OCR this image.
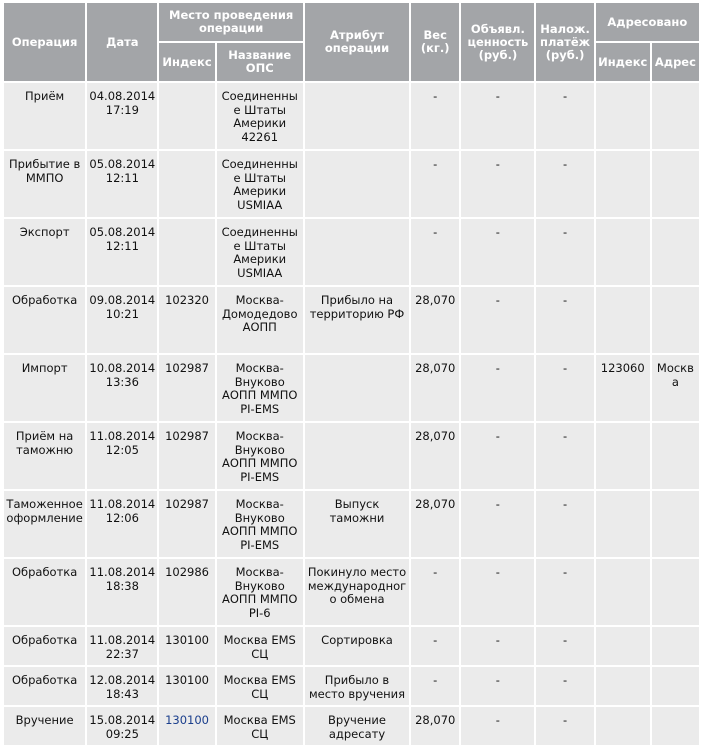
Операция	Дата	Место проведения операции		Атрибут операции	Вес (кг.)	Объявл. ценность (руб.)	Налож. платёж (руб.)	Адресовано	
		Индекс	Название ОПС					Индекс	Адрес
Приём	04.08.2014 17:19		Соединенные Штаты Америки 42261		-	-	-		
Прибытие в ММПО	05.08.2014 12:11		Соединенные Штаты Америки USMIAA		-	-	-		
Экспорт	05.08.2014 12:11		Соединенные Штаты Америки USMIAA		-	-	-		
Обработка	09.08.2014 10:21	102320	Москва-Домодедово АОПП	Прибыло на территорию РФ	28,070	-	-		
Импорт	10.08.2014 13:36	102987	Москва-Внуково АОПП ММПО PI-EMS		28,070	-	-	123060	Москва
Приём на таможню	11.08.2014 12:05	102987	Москва-Внуково АОПП ММПО PI-EMS		28,070	-	-		
Таможенное оформление	11.08.2014 12:06	102987	Москва-Внуково АОПП ММПО PI-EMS	Выпуск таможни	28,070	-	-		
Обработка	11.08.2014 18:38	102986	Москва-Внуково АОПП ММПО PI-6	Покинуло место международного обмена	-	-	-		
Обработка	11.08.2014 22:37	130100	Москва EMS СЦ	Сортировка	-	-	-		
Обработка	12.08.2014 18:43	130100	Москва EMS СЦ	Прибыло в место вручения	-	-	-		
Вручение	15.08.2014 09:25	130100	Москва EMS СЦ	Вручение адресату	28,070	-	-		
